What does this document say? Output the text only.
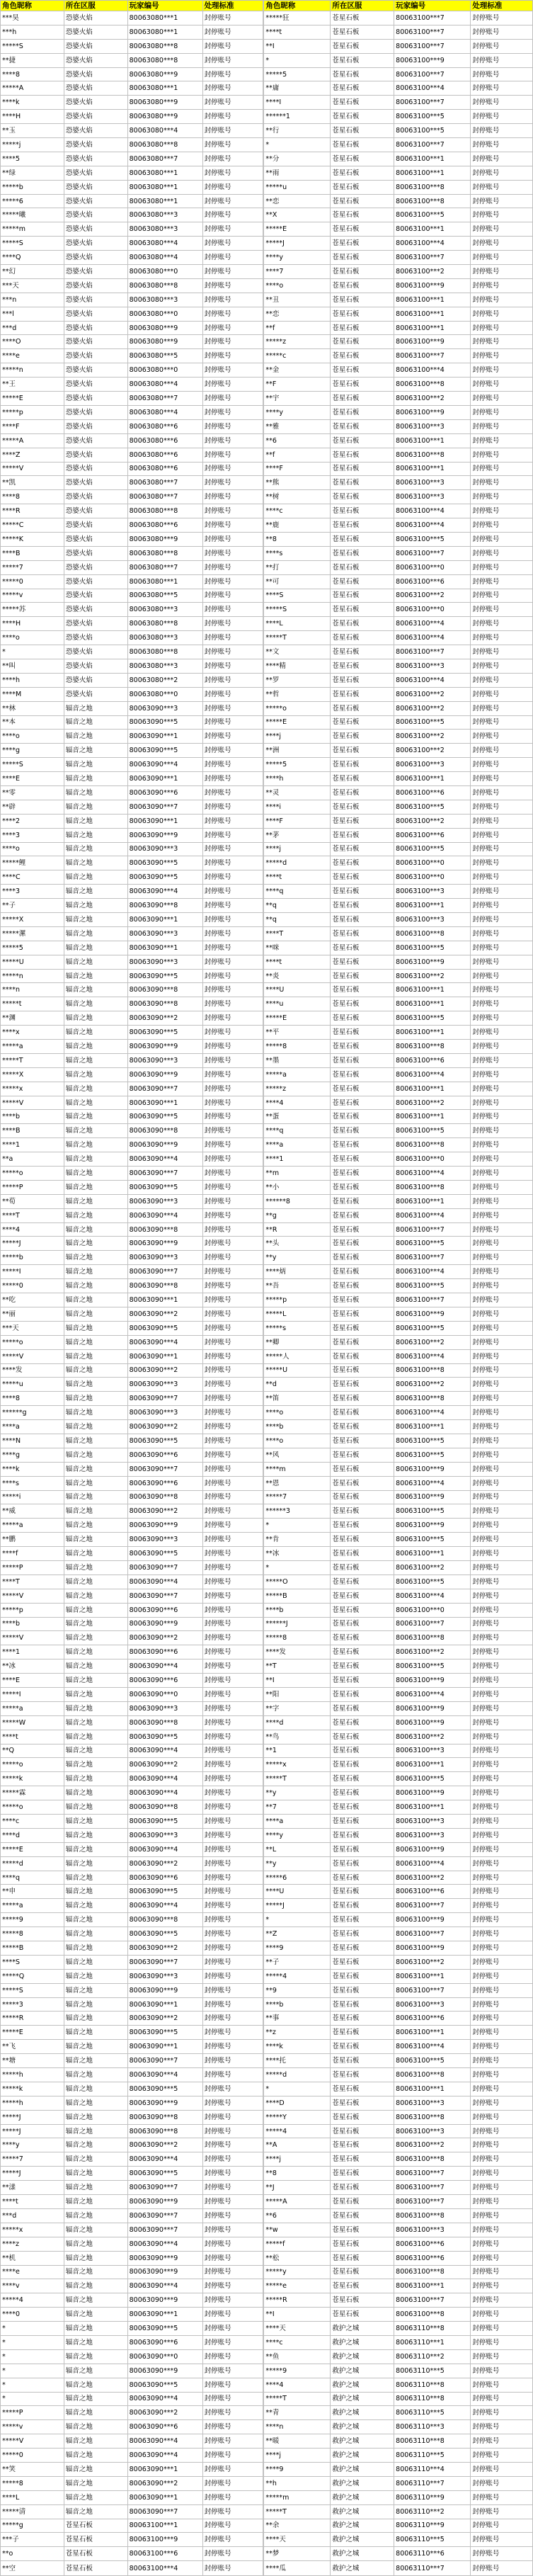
角色昵称	所在区服	玩家编号	处理标准	角色昵称	所在区服	玩家编号	处理标准
***昊	恐婆火焰	80063080***1	封停账号	*****狂	苍星石板	80063100***7	封停账号
***h	恐婆火焰	80063080***1	封停账号	****t	苍星石板	80063100***7	封停账号
*****S	恐婆火焰	80063080***8	封停账号	**I	苍星石板	80063100***7	封停账号
**捷	恐婆火焰	80063080***8	封停账号	*	苍星石板	80063100***9	封停账号
****8	恐婆火焰	80063080***9	封停账号	*****5	苍星石板	80063100***7	封停账号
*****A	恐婆火焰	80063080***1	封停账号	**庸	苍星石板	80063100***4	封停账号
****k	恐婆火焰	80063080***9	封停账号	****I	苍星石板	80063100***7	封停账号
****H	恐婆火焰	80063080***9	封停账号	******1	苍星石板	80063100***5	封停账号
**玉	恐婆火焰	80063080***4	封停账号	**行	苍星石板	80063100***5	封停账号
*****j	恐婆火焰	80063080***8	封停账号	*	苍星石板	80063100***7	封停账号
****5	恐婆火焰	80063080***7	封停账号	**分	苍星石板	80063100***1	封停账号
**绿	恐婆火焰	80063080***1	封停账号	**雨	苍星石板	80063100***1	封停账号
*****b	恐婆火焰	80063080***1	封停账号	*****u	苍星石板	80063100***8	封停账号
*****6	恐婆火焰	80063080***1	封停账号	**恋	苍星石板	80063100***8	封停账号
*****曦	恐婆火焰	80063080***3	封停账号	**X	苍星石板	80063100***5	封停账号
*****m	恐婆火焰	80063080***3	封停账号	*****E	苍星石板	80063100***1	封停账号
*****S	恐婆火焰	80063080***4	封停账号	*****J	苍星石板	80063100***4	封停账号
****Q	恐婆火焰	80063080***4	封停账号	****y	苍星石板	80063100***7	封停账号
**幻	恐婆火焰	80063080***0	封停账号	****7	苍星石板	80063100***2	封停账号
***天	恐婆火焰	80063080***8	封停账号	****o	苍星石板	80063100***9	封停账号
***n	恐婆火焰	80063080***3	封停账号	**丑	苍星石板	80063100***1	封停账号
***l	恐婆火焰	80063080***0	封停账号	**恋	苍星石板	80063100***1	封停账号
***d	恐婆火焰	80063080***9	封停账号	**f	苍星石板	80063100***1	封停账号
****O	恐婆火焰	80063080***9	封停账号	*****z	苍星石板	80063100***9	封停账号
****e	恐婆火焰	80063080***5	封停账号	*****c	苍星石板	80063100***7	封停账号
*****n	恐婆火焰	80063080***0	封停账号	**金	苍星石板	80063100***4	封停账号
**王	恐婆火焰	80063080***4	封停账号	**F	苍星石板	80063100***8	封停账号
*****E	恐婆火焰	80063080***7	封停账号	**宇	苍星石板	80063100***2	封停账号
*****p	恐婆火焰	80063080***4	封停账号	****y	苍星石板	80063100***9	封停账号
****F	恐婆火焰	80063080***6	封停账号	**雅	苍星石板	80063100***3	封停账号
*****A	恐婆火焰	80063080***6	封停账号	**6	苍星石板	80063100***1	封停账号
****Z	恐婆火焰	80063080***6	封停账号	**f	苍星石板	80063100***8	封停账号
*****V	恐婆火焰	80063080***6	封停账号	****F	苍星石板	80063100***1	封停账号
**凯	恐婆火焰	80063080***7	封停账号	**熊	苍星石板	80063100***3	封停账号
****8	恐婆火焰	80063080***7	封停账号	**树	苍星石板	80063100***3	封停账号
****R	恐婆火焰	80063080***8	封停账号	****c	苍星石板	80063100***4	封停账号
*****C	恐婆火焰	80063080***6	封停账号	**鹿	苍星石板	80063100***4	封停账号
*****K	恐婆火焰	80063080***9	封停账号	**8	苍星石板	80063100***5	封停账号
****B	恐婆火焰	80063080***8	封停账号	****s	苍星石板	80063100***7	封停账号
*****7	恐婆火焰	80063080***7	封停账号	**打	苍星石板	80063100***0	封停账号
*****0	恐婆火焰	80063080***1	封停账号	**可	苍星石板	80063100***6	封停账号
*****v	恐婆火焰	80063080***5	封停账号	****S	苍星石板	80063100***2	封停账号
*****苏	恐婆火焰	80063080***3	封停账号	*****S	苍星石板	80063100***0	封停账号
****H	恐婆火焰	80063080***8	封停账号	****L	苍星石板	80063100***4	封停账号
****o	恐婆火焰	80063080***3	封停账号	*****T	苍星石板	80063100***4	封停账号
*	恐婆火焰	80063080***8	封停账号	**文	苍星石板	80063100***7	封停账号
**叫	恐婆火焰	80063080***3	封停账号	****精	苍星石板	80063100***3	封停账号
****h	恐婆火焰	80063080***2	封停账号	**罗	苍星石板	80063100***4	封停账号
****M	恐婆火焰	80063080***0	封停账号	**哲	苍星石板	80063100***2	封停账号
**林	辐音之地	80063090***3	封停账号	*****o	苍星石板	80063100***2	封停账号
**本	辐音之地	80063090***5	封停账号	*****E	苍星石板	80063100***5	封停账号
****o	辐音之地	80063090***1	封停账号	****j	苍星石板	80063100***2	封停账号
****g	辐音之地	80063090***5	封停账号	**洲	苍星石板	80063100***2	封停账号
*****S	辐音之地	80063090***4	封停账号	*****5	苍星石板	80063100***3	封停账号
****E	辐音之地	80063090***1	封停账号	****h	苍星石板	80063100***1	封停账号
**零	辐音之地	80063090***6	封停账号	**灵	苍星石板	80063100***6	封停账号
**辟	辐音之地	80063090***7	封停账号	****i	苍星石板	80063100***5	封停账号
****2	辐音之地	80063090***1	封停账号	****F	苍星石板	80063100***2	封停账号
****3	辐音之地	80063090***9	封停账号	**茅	苍星石板	80063100***6	封停账号
****o	辐音之地	80063090***3	封停账号	****j	苍星石板	80063100***5	封停账号
*****鲤	辐音之地	80063090***5	封停账号	*****d	苍星石板	80063100***0	封停账号
****C	辐音之地	80063090***5	封停账号	****t	苍星石板	80063100***0	封停账号
****3	辐音之地	80063090***4	封停账号	****q	苍星石板	80063100***3	封停账号
**子	辐音之地	80063090***8	封停账号	**q	苍星石板	80063100***1	封停账号
*****X	辐音之地	80063090***1	封停账号	**q	苍星石板	80063100***3	封停账号
*****漯	辐音之地	80063090***3	封停账号	****T	苍星石板	80063100***8	封停账号
*****5	辐音之地	80063090***1	封停账号	**咪	苍星石板	80063100***5	封停账号
*****U	辐音之地	80063090***3	封停账号	****t	苍星石板	80063100***9	封停账号
*****n	辐音之地	80063090***5	封停账号	**炎	苍星石板	80063100***2	封停账号
****n	辐音之地	80063090***8	封停账号	****U	苍星石板	80063100***1	封停账号
*****t	辐音之地	80063090***8	封停账号	****u	苍星石板	80063100***1	封停账号
**渊	辐音之地	80063090***2	封停账号	*****E	苍星石板	80063100***5	封停账号
****x	辐音之地	80063090***5	封停账号	**平	苍星石板	80063100***1	封停账号
*****a	辐音之地	80063090***9	封停账号	*****8	苍星石板	80063100***8	封停账号
*****T	辐音之地	80063090***3	封停账号	**墨	苍星石板	80063100***6	封停账号
*****X	辐音之地	80063090***9	封停账号	*****a	苍星石板	80063100***4	封停账号
*****x	辐音之地	80063090***7	封停账号	*****z	苍星石板	80063100***1	封停账号
*****V	辐音之地	80063090***1	封停账号	****4	苍星石板	80063100***2	封停账号
****b	辐音之地	80063090***5	封停账号	**蛋	苍星石板	80063100***1	封停账号
****B	辐音之地	80063090***8	封停账号	****q	苍星石板	80063100***5	封停账号
****1	辐音之地	80063090***9	封停账号	****a	苍星石板	80063100***8	封停账号
**a	辐音之地	80063090***4	封停账号	****1	苍星石板	80063100***0	封停账号
*****o	辐音之地	80063090***7	封停账号	**m	苍星石板	80063100***4	封停账号
*****P	辐音之地	80063090***5	封停账号	**小	苍星石板	80063100***8	封停账号
**荀	辐音之地	80063090***3	封停账号	******8	苍星石板	80063100***1	封停账号
****T	辐音之地	80063090***4	封停账号	**g	苍星石板	80063100***4	封停账号
****4	辐音之地	80063090***8	封停账号	**R	苍星石板	80063100***7	封停账号
*****J	辐音之地	80063090***9	封停账号	**头	苍星石板	80063100***5	封停账号
*****b	辐音之地	80063090***3	封停账号	**y	苍星石板	80063100***7	封停账号
*****I	辐音之地	80063090***7	封停账号	****炳	苍星石板	80063100***4	封停账号
*****0	辐音之地	80063090***8	封停账号	**吾	苍星石板	80063100***5	封停账号
**吃	辐音之地	80063090***1	封停账号	*****p	苍星石板	80063100***7	封停账号
**丽	辐音之地	80063090***2	封停账号	*****L	苍星石板	80063100***9	封停账号
***天	辐音之地	80063090***5	封停账号	*****s	苍星石板	80063100***5	封停账号
*****o	辐音之地	80063090***4	封停账号	**卿	苍星石板	80063100***2	封停账号
*****V	辐音之地	80063090***1	封停账号	*****人	苍星石板	80063100***4	封停账号
****发	辐音之地	80063090***2	封停账号	*****U	苍星石板	80063100***8	封停账号
*****u	辐音之地	80063090***3	封停账号	**d	苍星石板	80063100***2	封停账号
****8	辐音之地	80063090***7	封停账号	**笛	苍星石板	80063100***8	封停账号
******g	辐音之地	80063090***3	封停账号	****o	苍星石板	80063100***4	封停账号
****a	辐音之地	80063090***2	封停账号	****b	苍星石板	80063100***1	封停账号
****N	辐音之地	80063090***5	封停账号	****o	苍星石板	80063100***5	封停账号
****g	辐音之地	80063090***6	封停账号	**风	苍星石板	80063100***5	封停账号
****k	辐音之地	80063090***7	封停账号	****m	苍星石板	80063100***9	封停账号
****s	辐音之地	80063090***6	封停账号	**恩	苍星石板	80063100***4	封停账号
*****i	辐音之地	80063090***8	封停账号	*****7	苍星石板	80063100***9	封停账号
**威	辐音之地	80063090***2	封停账号	******3	苍星石板	80063100***5	封停账号
*****a	辐音之地	80063090***9	封停账号	*	苍星石板	80063100***9	封停账号
**鹏	辐音之地	80063090***3	封停账号	**肯	苍星石板	80063100***5	封停账号
****f	辐音之地	80063090***5	封停账号	**冰	苍星石板	80063100***1	封停账号
*****P	辐音之地	80063090***7	封停账号	*	苍星石板	80063100***2	封停账号
****T	辐音之地	80063090***4	封停账号	*****O	苍星石板	80063100***5	封停账号
*****V	辐音之地	80063090***7	封停账号	*****B	苍星石板	80063100***4	封停账号
*****p	辐音之地	80063090***6	封停账号	****b	苍星石板	80063100***0	封停账号
****b	辐音之地	80063090***9	封停账号	******J	苍星石板	80063100***7	封停账号
*****V	辐音之地	80063090***2	封停账号	*****8	苍星石板	80063100***8	封停账号
****1	辐音之地	80063090***6	封停账号	****发	苍星石板	80063100***2	封停账号
**冰	辐音之地	80063090***4	封停账号	**T	苍星石板	80063100***5	封停账号
****E	辐音之地	80063090***6	封停账号	**I	苍星石板	80063100***9	封停账号
*****I	辐音之地	80063090***0	封停账号	**阳	苍星石板	80063100***4	封停账号
*****a	辐音之地	80063090***3	封停账号	**字	苍星石板	80063100***9	封停账号
*****W	辐音之地	80063090***8	封停账号	****d	苍星石板	80063100***9	封停账号
****t	辐音之地	80063090***5	封停账号	**鸟	苍星石板	80063100***2	封停账号
**Q	辐音之地	80063090***4	封停账号	**1	苍星石板	80063100***3	封停账号
*****o	辐音之地	80063090***2	封停账号	*****x	苍星石板	80063100***1	封停账号
*****k	辐音之地	80063090***4	封停账号	*****T	苍星石板	80063100***5	封停账号
*****霖	辐音之地	80063090***4	封停账号	**y	苍星石板	80063100***9	封停账号
*****o	辐音之地	80063090***8	封停账号	**7	苍星石板	80063100***1	封停账号
****c	辐音之地	80063090***5	封停账号	****a	苍星石板	80063100***3	封停账号
****d	辐音之地	80063090***3	封停账号	****y	苍星石板	80063100***3	封停账号
*****E	辐音之地	80063090***4	封停账号	**L	苍星石板	80063100***9	封停账号
*****d	辐音之地	80063090***2	封停账号	**y	苍星石板	80063100***4	封停账号
****q	辐音之地	80063090***6	封停账号	*****6	苍星石板	80063100***2	封停账号
**申	辐音之地	80063090***5	封停账号	****U	苍星石板	80063100***6	封停账号
*****a	辐音之地	80063090***4	封停账号	*****J	苍星石板	80063100***7	封停账号
*****9	辐音之地	80063090***8	封停账号	*	苍星石板	80063100***9	封停账号
*****8	辐音之地	80063090***5	封停账号	**Z	苍星石板	80063100***7	封停账号
*****B	辐音之地	80063090***2	封停账号	****9	苍星石板	80063100***9	封停账号
****S	辐音之地	80063090***7	封停账号	**子	苍星石板	80063100***2	封停账号
*****Q	辐音之地	80063090***3	封停账号	*****4	苍星石板	80063100***1	封停账号
*****S	辐音之地	80063090***9	封停账号	**9	苍星石板	80063100***7	封停账号
*****3	辐音之地	80063090***1	封停账号	****b	苍星石板	80063100***3	封停账号
*****R	辐音之地	80063090***2	封停账号	**事	苍星石板	80063100***6	封停账号
*****E	辐音之地	80063090***5	封停账号	**z	苍星石板	80063100***1	封停账号
**飞	辐音之地	80063090***1	封停账号	****k	苍星石板	80063100***4	封停账号
**塘	辐音之地	80063090***7	封停账号	****托	苍星石板	80063100***5	封停账号
*****h	辐音之地	80063090***4	封停账号	*****d	苍星石板	80063100***8	封停账号
*****k	辐音之地	80063090***5	封停账号	*	苍星石板	80063100***1	封停账号
*****h	辐音之地	80063090***9	封停账号	****D	苍星石板	80063100***3	封停账号
*****J	辐音之地	80063090***8	封停账号	*****Y	苍星石板	80063100***8	封停账号
*****J	辐音之地	80063090***8	封停账号	*****4	苍星石板	80063100***3	封停账号
****y	辐音之地	80063090***2	封停账号	**A	苍星石板	80063100***2	封停账号
*****7	辐音之地	80063090***4	封停账号	****j	苍星石板	80063100***8	封停账号
*****J	辐音之地	80063090***5	封停账号	**8	苍星石板	80063100***7	封停账号
**漾	辐音之地	80063090***7	封停账号	**J	苍星石板	80063100***7	封停账号
****t	辐音之地	80063090***9	封停账号	*****A	苍星石板	80063100***7	封停账号
***d	辐音之地	80063090***7	封停账号	**6	苍星石板	80063100***8	封停账号
*****x	辐音之地	80063090***7	封停账号	**w	苍星石板	80063100***3	封停账号
****z	辐音之地	80063090***4	封停账号	*****f	苍星石板	80063100***6	封停账号
**机	辐音之地	80063090***9	封停账号	**松	苍星石板	80063100***6	封停账号
****e	辐音之地	80063090***9	封停账号	*****y	苍星石板	80063100***8	封停账号
****v	辐音之地	80063090***4	封停账号	*****e	苍星石板	80063100***1	封停账号
*****4	辐音之地	80063090***9	封停账号	*****R	苍星石板	80063100***7	封停账号
****0	辐音之地	80063090***1	封停账号	**I	苍星石板	80063100***8	封停账号
*	辐音之地	80063090***5	封停账号	****天	救护之城	80063110***8	封停账号
*	辐音之地	80063090***6	封停账号	****c	救护之城	80063110***1	封停账号
*	辐音之地	80063090***0	封停账号	**鱼	救护之城	80063110***2	封停账号
*	辐音之地	80063090***9	封停账号	*****9	救护之城	80063110***5	封停账号
*	辐音之地	80063090***5	封停账号	****4	救护之城	80063110***8	封停账号
*	辐音之地	80063090***4	封停账号	*****T	救护之城	80063110***8	封停账号
*****P	辐音之地	80063090***2	封停账号	**青	救护之城	80063110***5	封停账号
*****v	辐音之地	80063090***6	封停账号	****n	救护之城	80063110***3	封停账号
*****V	辐音之地	80063090***4	封停账号	**暖	救护之城	80063110***8	封停账号
*****0	辐音之地	80063090***4	封停账号	****j	救护之城	80063110***5	封停账号
**笑	辐音之地	80063090***1	封停账号	****9	救护之城	80063110***4	封停账号
*****8	辐音之地	80063090***2	封停账号	**h	救护之城	80063110***7	封停账号
****L	辐音之地	80063090***1	封停账号	*****m	救护之城	80063110***9	封停账号
*****清	辐音之地	80063090***7	封停账号	*****T	救护之城	80063110***2	封停账号
*****g	苍星石板	80063100***1	封停账号	**余	救护之城	80063110***9	封停账号
***子	苍星石板	80063100***9	封停账号	****天	救护之城	80063110***5	封停账号
**o	苍星石板	80063100***6	封停账号	**梦	救护之城	80063110***6	封停账号
**空	苍星石板	80063100***4	封停账号	****瓜	救护之城	80063110***7	封停账号
